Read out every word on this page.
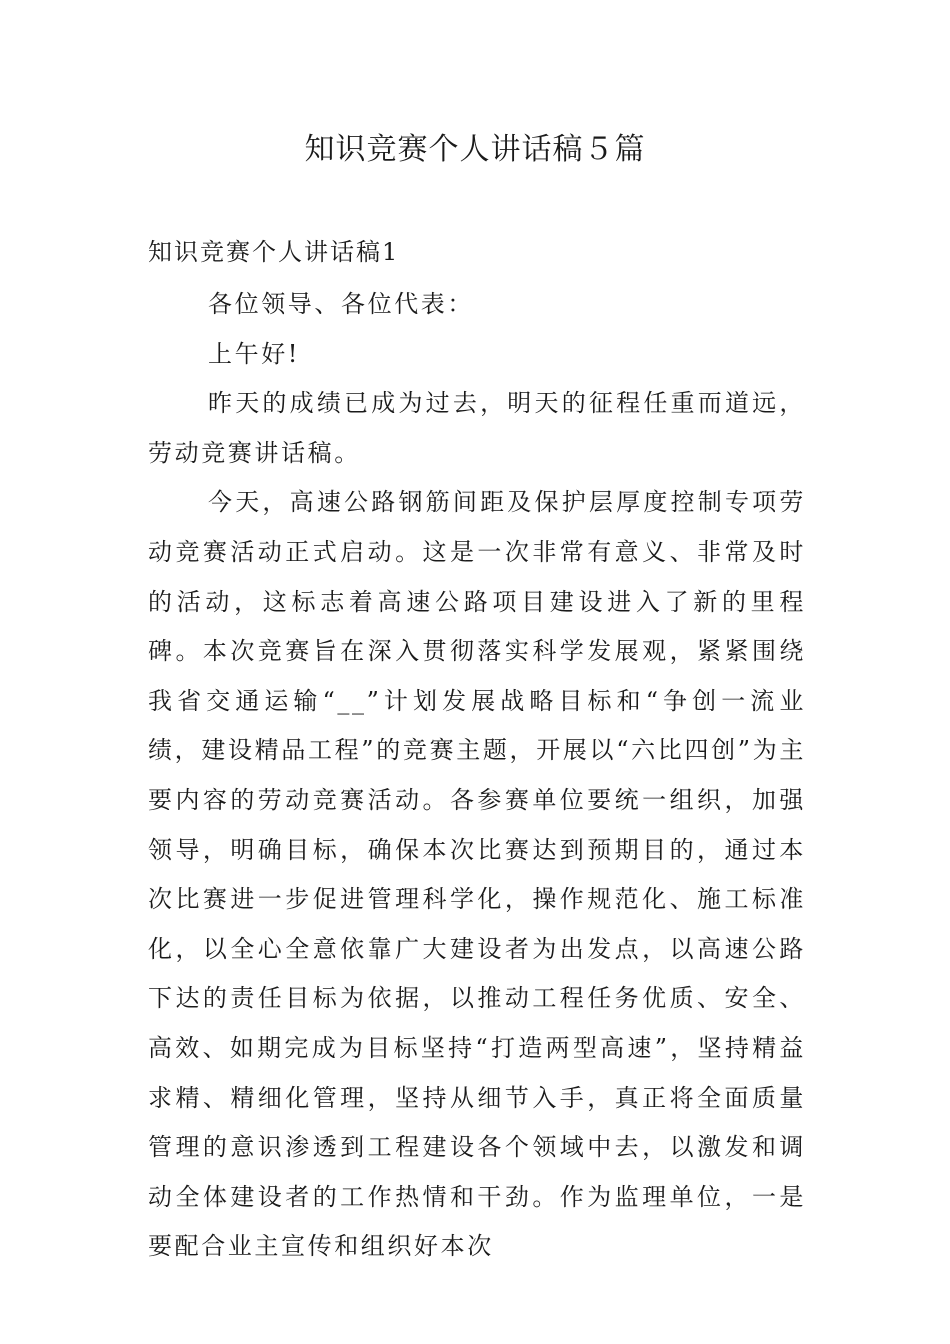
知识竞赛个人讲话稿５篇
知识竞赛个人讲话稿1

各位领导、各位代表：

上午好!

昨天的成绩已成为过去，明天的征程任重而道远，劳动竞赛讲话稿。

今天，高速公路钢筋间距及保护层厚度控制专项劳动竞赛活动正式启动。这是一次非常有意义、非常及时的活动，这标志着高速公路项目建设进入了新的里程碑。本次竞赛旨在深入贯彻落实科学发展观，紧紧围绕我省交通运输“__”计划发展战略目标和“争创一流业绩，建设精品工程”的竞赛主题，开展以“六比四创”为主要内容的劳动竞赛活动。各参赛单位要统一组织，加强领导，明确目标，确保本次比赛达到预期目的，通过本次比赛进一步促进管理科学化，操作规范化、施工标准化，以全心全意依靠广大建设者为出发点，以高速公路下达的责任目标为依据，以推动工程任务优质、安全、高效、如期完成为目标坚持“打造两型高速”，坚持精益求精、精细化管理，坚持从细节入手，真正将全面质量管理的意识渗透到工程建设各个领域中去，以激发和调动全体建设者的工作热情和干劲。作为监理单位，一是要配合业主宣传和组织好本次
